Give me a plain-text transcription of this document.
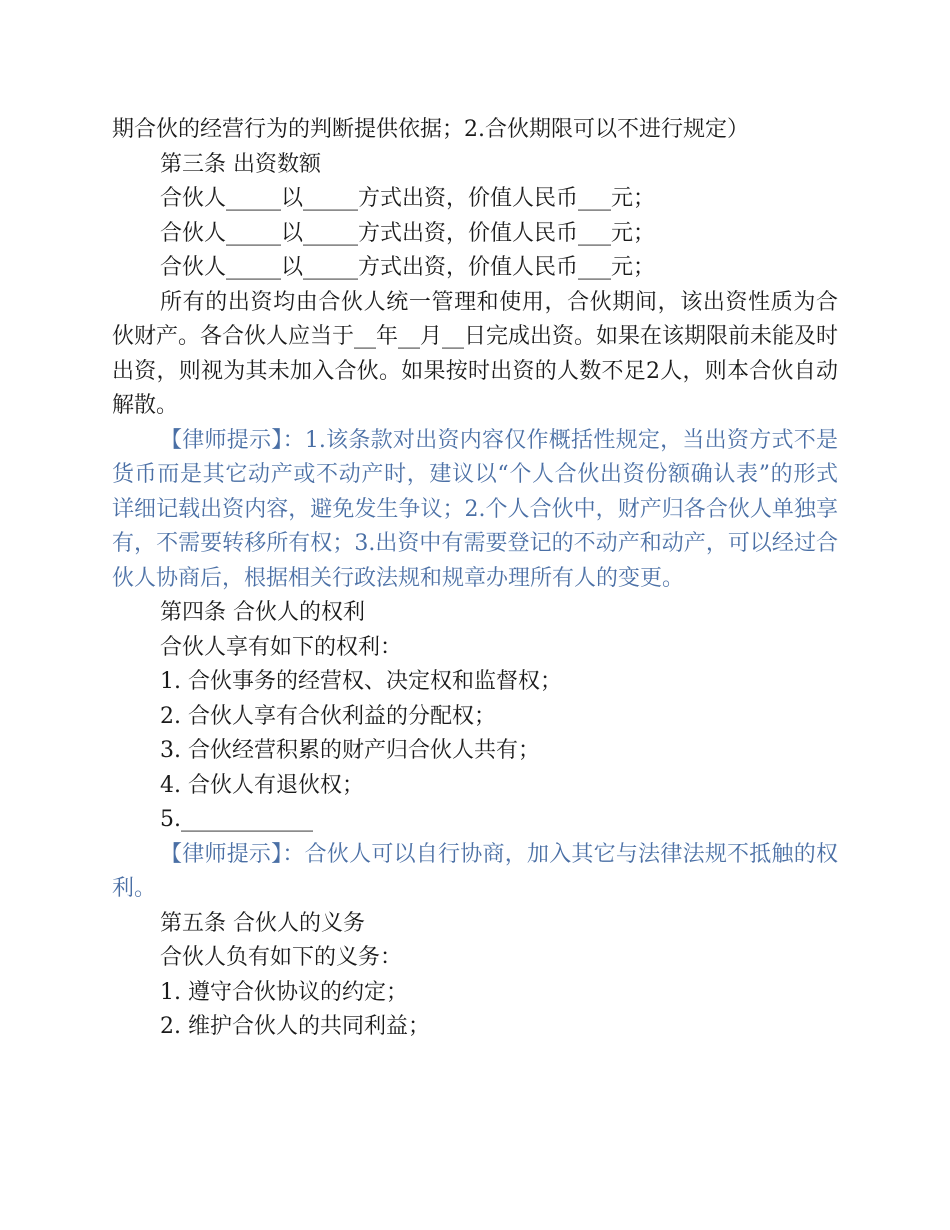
期合伙的经营行为的判断提供依据；2.合伙期限可以不进行规定）

第三条 出资数额

合伙人_____以_____方式出资，价值人民币___元；

合伙人_____以_____方式出资，价值人民币___元；

合伙人_____以_____方式出资，价值人民币___元；

所有的出资均由合伙人统一管理和使用，合伙期间，该出资性质为合伙财产。各合伙人应当于__年__月__日完成出资。如果在该期限前未能及时出资，则视为其未加入合伙。如果按时出资的人数不足2人，则本合伙自动解散。

【律师提示】：1.该条款对出资内容仅作概括性规定，当出资方式不是货币而是其它动产或不动产时，建议以“个人合伙出资份额确认表”的形式详细记载出资内容，避免发生争议；2.个人合伙中，财产归各合伙人单独享有，不需要转移所有权；3.出资中有需要登记的不动产和动产，可以经过合伙人协商后，根据相关行政法规和规章办理所有人的变更。

第四条 合伙人的权利

合伙人享有如下的权利：

1. 合伙事务的经营权、决定权和监督权；

2. 合伙人享有合伙利益的分配权；

3. 合伙经营积累的财产归合伙人共有；

4. 合伙人有退伙权；

5.____________

【律师提示】：合伙人可以自行协商，加入其它与法律法规不抵触的权利。

第五条 合伙人的义务

合伙人负有如下的义务：

1. 遵守合伙协议的约定；

2. 维护合伙人的共同利益；
